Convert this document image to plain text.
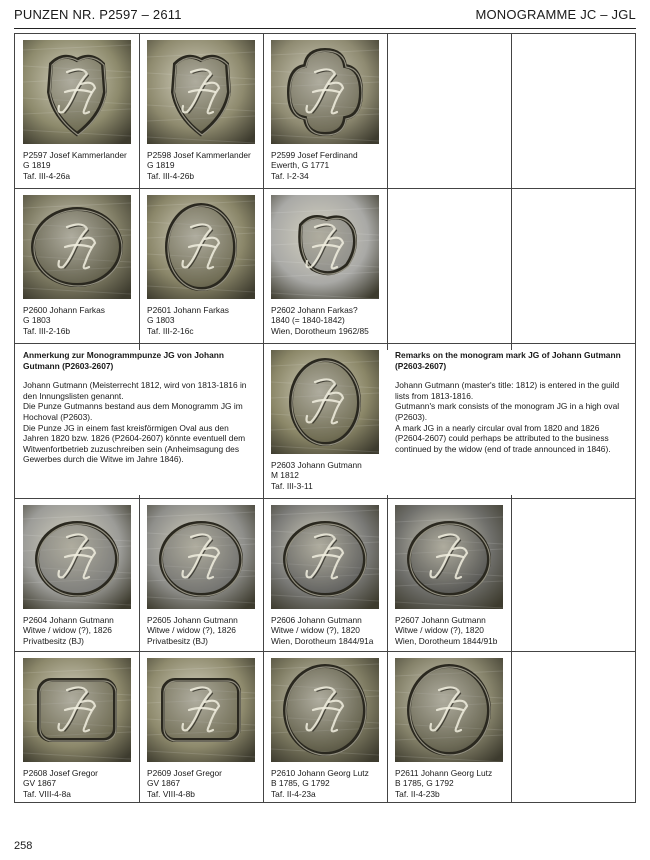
PUNZEN NR. P2597 – 2611	MONOGRAMME JC – JGL
Anmerkung zur Monogrammpunze JG von Johann Gutmann (P2603-2607)

Johann Gutmann (Meisterrecht 1812, wird von 1813-1816 in den Innungslisten genannt.

Die Punze Gutmanns bestand aus dem Monogramm JG im Hochoval (P2603).

Die Punze JG in einem fast kreisförmigen Oval aus den Jahren 1820 bzw. 1826 (P2604-2607) könnte eventuell dem Witwenfortbetrieb zuzuschreiben sein (Anheimsagung des Gewerbes durch die Witwe im Jahre 1846).

Remarks on the monogram mark JG of Johann Gutmann (P2603-2607)

Johann Gutmann (master's title: 1812) is entered in the guild lists from 1813-1816.

Gutmann's mark consists of the monogram JG in a high oval (P2603).

A mark JG in a nearly circular oval from 1820 and 1826 (P2604-2607) could perhaps be attributed to the business continued by the widow (end of trade announced in 1846).

P2597 Josef Kammerlander
G 1819
Taf. III-4-26a
P2598 Josef Kammerlander
G 1819
Taf. III-4-26b
P2599 Josef Ferdinand
Ewerth, G 1771
Taf. I-2-34
P2600 Johann Farkas
G 1803
Taf. III-2-16b
P2601 Johann Farkas
G 1803
Taf. III-2-16c
P2602 Johann Farkas?
1840 (= 1840-1842)
Wien, Dorotheum 1962/85
P2603 Johann Gutmann
M 1812
Taf. III-3-11
P2604 Johann Gutmann
Witwe / widow (?), 1826
Privatbesitz (BJ)
P2605 Johann Gutmann
Witwe / widow (?), 1826
Privatbesitz (BJ)
P2606 Johann Gutmann
Witwe / widow (?), 1820
Wien, Dorotheum 1844/91a
P2607 Johann Gutmann
Witwe / widow (?), 1820
Wien, Dorotheum 1844/91b
P2608 Josef Gregor
GV 1867
Taf. VIII-4-8a
P2609 Josef Gregor
GV 1867
Taf. VIII-4-8b
P2610 Johann Georg Lutz
B 1785, G 1792
Taf. II-4-23a
P2611 Johann Georg Lutz
B 1785, G 1792
Taf. II-4-23b
258
